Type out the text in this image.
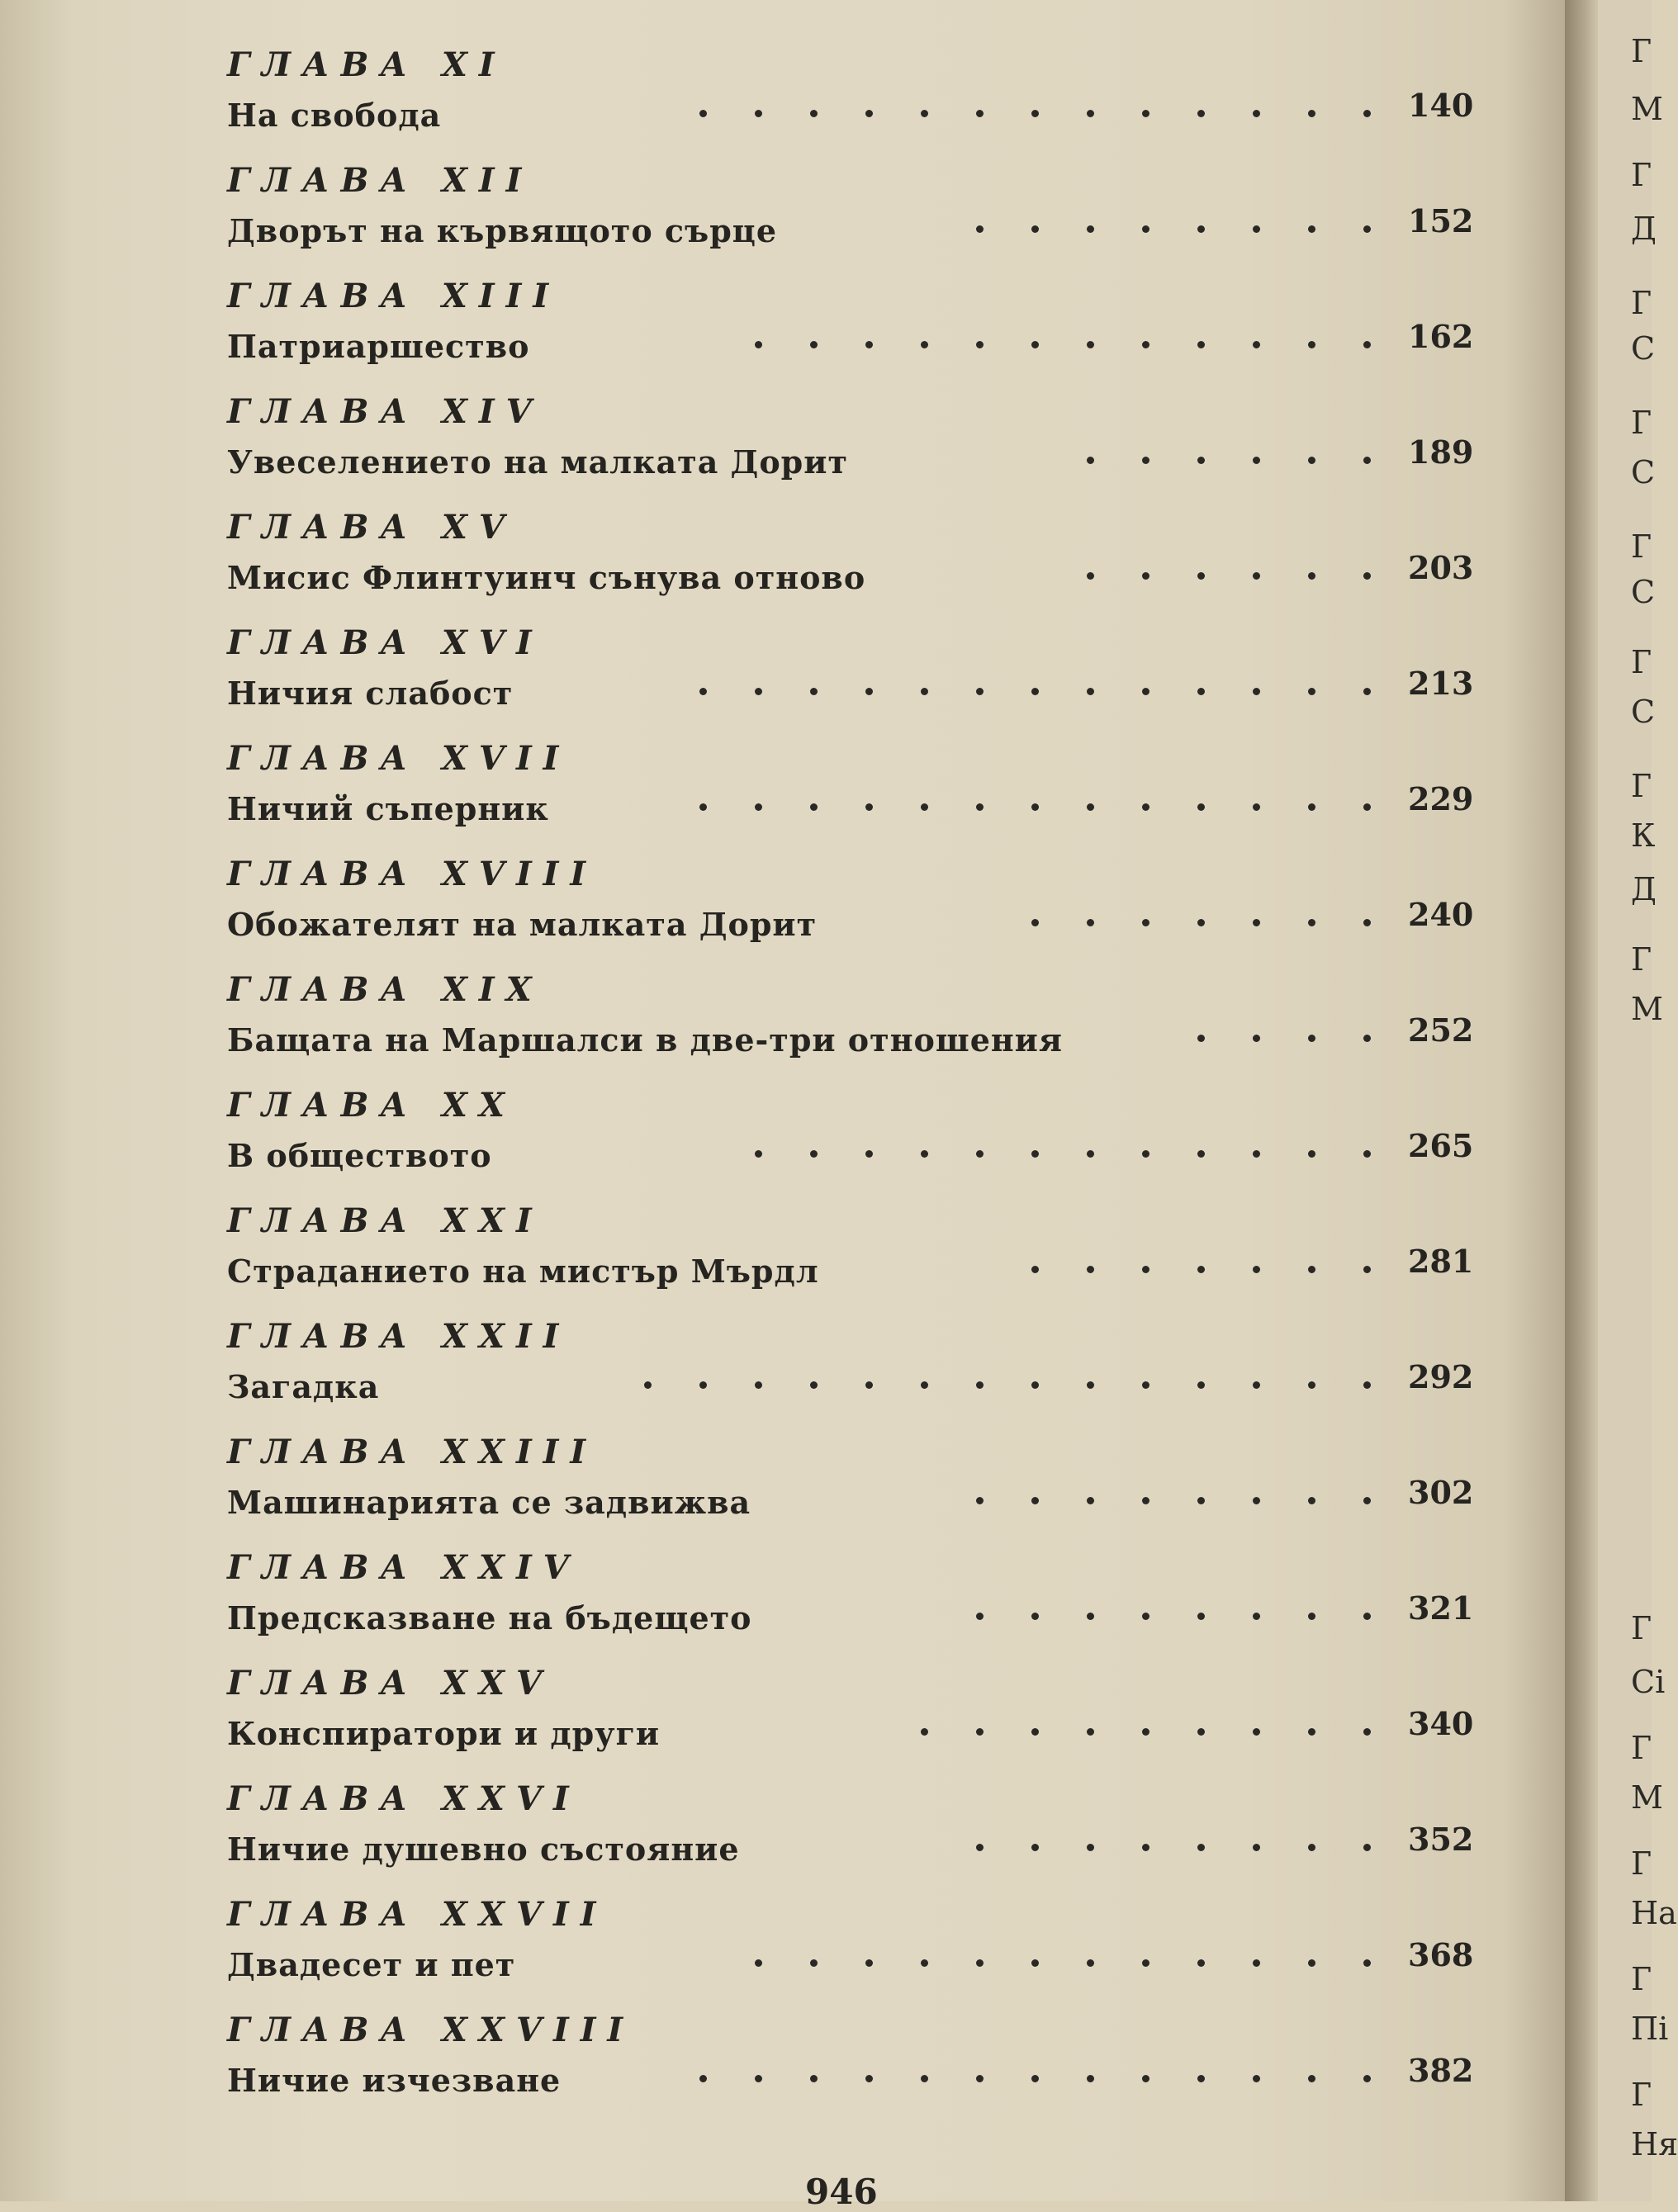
Г
М
Г
Д
Г
С
Г
С
Г
С
Г
С
Г
К
Д
Г
М
Г
Сі
Г
М
Г
На
Г
Пі
Г
Ня
ГЛАВА XI
На свобода	140
ГЛАВА XII
Дворът на кървящото сърце	152
ГЛАВА XIII
Патриаршество	162
ГЛАВА XIV
Увеселението на малката Дорит	189
ГЛАВА XV
Мисис Флинтуинч сънува отново	203
ГЛАВА XVI
Ничия слабост	213
ГЛАВА XVII
Ничий съперник	229
ГЛАВА XVIII
Обожателят на малката Дорит	240
ГЛАВА XIX
Бащата на Маршалси в две-три отношения	252
ГЛАВА XX
В обществото	265
ГЛАВА XXI
Страданието на мистър Мърдл	281
ГЛАВА XXII
Загадка	292
ГЛАВА XXIII
Машинарията се задвижва	302
ГЛАВА XXIV
Предсказване на бъдещето	321
ГЛАВА XXV
Конспиратори и други	340
ГЛАВА XXVI
Ничие душевно състояние	352
ГЛАВА XXVII
Двадесет и пет	368
ГЛАВА XXVIII
Ничие изчезване	382
946
